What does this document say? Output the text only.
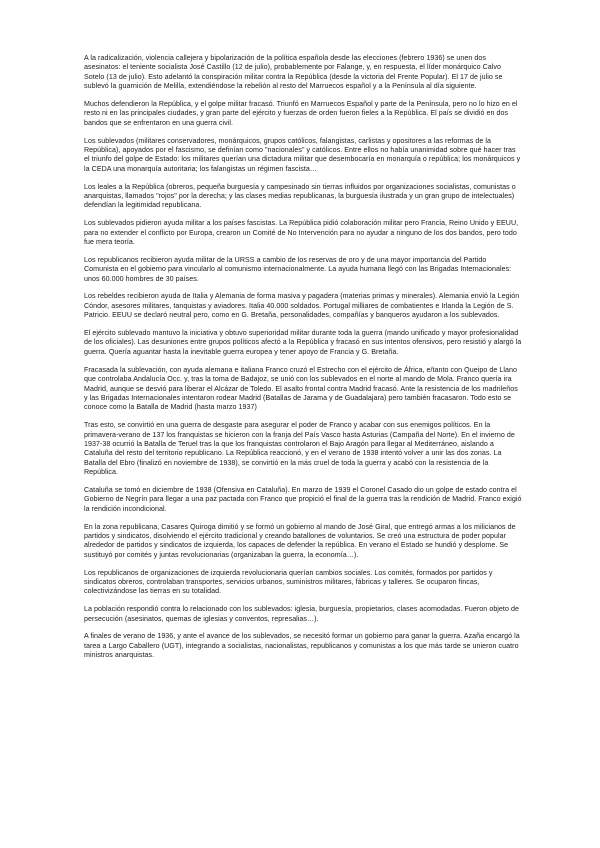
A la radicalización, violencia callejera y bipolarización de la política española desde las elecciones (febrero 1936) se unen dos asesinatos: el teniente socialista José Castillo (12 de julio), probablemente por Falange, y, en respuesta, el líder monárquico Calvo Sotelo (13 de julio). Esto adelantó la conspiración militar contra la República (desde la victoria del Frente Popular). El 17 de julio se sublevó la guarnición de Melilla, extendiéndose la rebelión al resto del Marruecos español y a la Península al día siguiente.

Muchos defendieron la República, y el golpe militar fracasó. Triunfó en Marruecos Español y parte de la Península, pero no lo hizo en el resto ni en las principales ciudades, y gran parte del ejército y fuerzas de orden fueron fieles a la República. El país se dividió en dos bandos que se enfrentaron en una guerra civil.

Los sublevados (militares conservadores, monárquicos, grupos católicos, falangistas, carlistas y opositores a las reformas de la República), apoyados por el fascismo, se definían como "nacionales" y católicos. Entre ellos no había unanimidad sobre qué hacer tras el triunfo del golpe de Estado: los militares querían una dictadura militar que desembocaría en monarquía o república; los monárquicos y la CEDA una monarquía autoritaria; los falangistas un régimen fascista…

Los leales a la República (obreros, pequeña burguesía y campesinado sin tierras influidos por organizaciones socialistas, comunistas o anarquistas, llamados "rojos" por la derecha; y las clases medias republicanas, la burguesía ilustrada y un gran grupo de intelectuales) defendían la legitimidad republicana.

Los sublevados pidieron ayuda militar a los países fascistas. La República pidió colaboración militar pero Francia, Reino Unido y EEUU, para no extender el conflicto por Europa, crearon un Comité de No Intervención para no ayudar a ninguno de los dos bandos, pero todo fue mera teoría.

Los republicanos recibieron ayuda militar de la URSS a cambio de los reservas de oro y de una mayor importancia del Partido Comunista en el gobierno para vincularlo al comunismo internacionalmente. La ayuda humana llegó con las Brigadas Internacionales: unos 60.000 hombres de 30 países.

Los rebeldes recibieron ayuda de Italia y Alemania de forma masiva y pagadera (materias primas y minerales). Alemania envió la Legión Cóndor, asesores militares, tanquistas y aviadores. Italia 40.000 soldados. Portugal milliares de combatientes e Irlanda la Legión de S. Patricio. EEUU se declaró neutral pero, como en G. Bretaña, personalidades, compañías y banqueros ayudaron a los sublevados.

El ejército sublevado mantuvo la iniciativa y obtuvo superioridad militar durante toda la guerra (mando unificado y mayor profesionalidad de los oficiales). Las desuniones entre grupos políticos afectó a la República y fracasó en sus intentos ofensivos, pero resistió y alargó la guerra. Quería aguantar hasta la inevitable guerra europea y tener apoyo de Francia y G. Bretaña.

Fracasada la sublevación, con ayuda alemana e italiana Franco cruzó el Estrecho con el ejército de África, e/tanto con Queipo de Llano que controlaba Andalucía Occ. y, tras la toma de Badajoz, se unió con los sublevados en el norte al mando de Mola. Franco quería ira Madrid, aunque se desvió para liberar el Alcázar de Toledo. El asalto frontal contra Madrid fracasó. Ante la resistencia de los madrileños y las Brigadas Internacionales intentaron rodear Madrid (Batallas de Jarama y de Guadalajara) pero también fracasaron. Todo esto se conoce como la Batalla de Madrid (hasta marzo 1937)

Tras esto, se convirtió en una guerra de desgaste para asegurar el poder de Franco y acabar con sus enemigos políticos. En la primavera-verano de 137 los franquistas se hicieron con la franja del País Vasco hasta Asturias (Campaña del Norte). En el invierno de 1937-38 ocurrió la Batalla de Teruel tras la que los franquistas controlaron el Bajo Aragón para llegar al Mediterráneo, aislando a Cataluña del resto del territorio republicano. La República reaccionó, y en el verano de 1938 intentó volver a unir las dos zonas. La Batalla del Ebro (finalizó en noviembre de 1938), se convirtió en la más cruel de toda la guerra y acabó con la resistencia de la República.

Cataluña se tomó en diciembre de 1938 (Ofensiva en Cataluña). En marzo de 1939 el Coronel Casado dio un golpe de estado contra el Gobierno de Negrín para llegar a una paz pactada con Franco que propició el final de la guerra tras la rendición de Madrid. Franco exigió la rendición incondicional.

En la zona republicana, Casares Quiroga dimitió y se formó un gobierno al mando de José Giral, que entregó armas a los milicianos de partidos y sindicatos, disolviendo el ejército tradicional y creando batallones de voluntarios. Se creó una estructura de poder popular alrededor de partidos y sindicatos de izquierda, los capaces de defender la república. En verano el Estado se hundió y desplome. Se sustituyó por comités y juntas revolucionarias (organizaban la guerra, la economía…).

Los republicanos de organizaciones de izquierda revolucionaria querían cambios sociales. Los comités, formados por partidos y sindicatos obreros, controlaban transportes, servicios urbanos, suministros militares, fábricas y talleres. Se ocuparon fincas, colectivizándose las tierras en su totalidad.

La población respondió contra lo relacionado con los sublevados: iglesia, burguesía, propietarios, clases acomodadas. Fueron objeto de persecución (asesinatos, quemas de iglesias y conventos, represalias…).

A finales de verano de 1936, y ante el avance de los sublevados, se necesitó formar un gobierno para ganar la guerra. Azaña encargó la tarea a Largo Caballero (UGT), integrando a socialistas, nacionalistas, republicanos y comunistas a los que más tarde se unieron cuatro ministros anarquistas.
